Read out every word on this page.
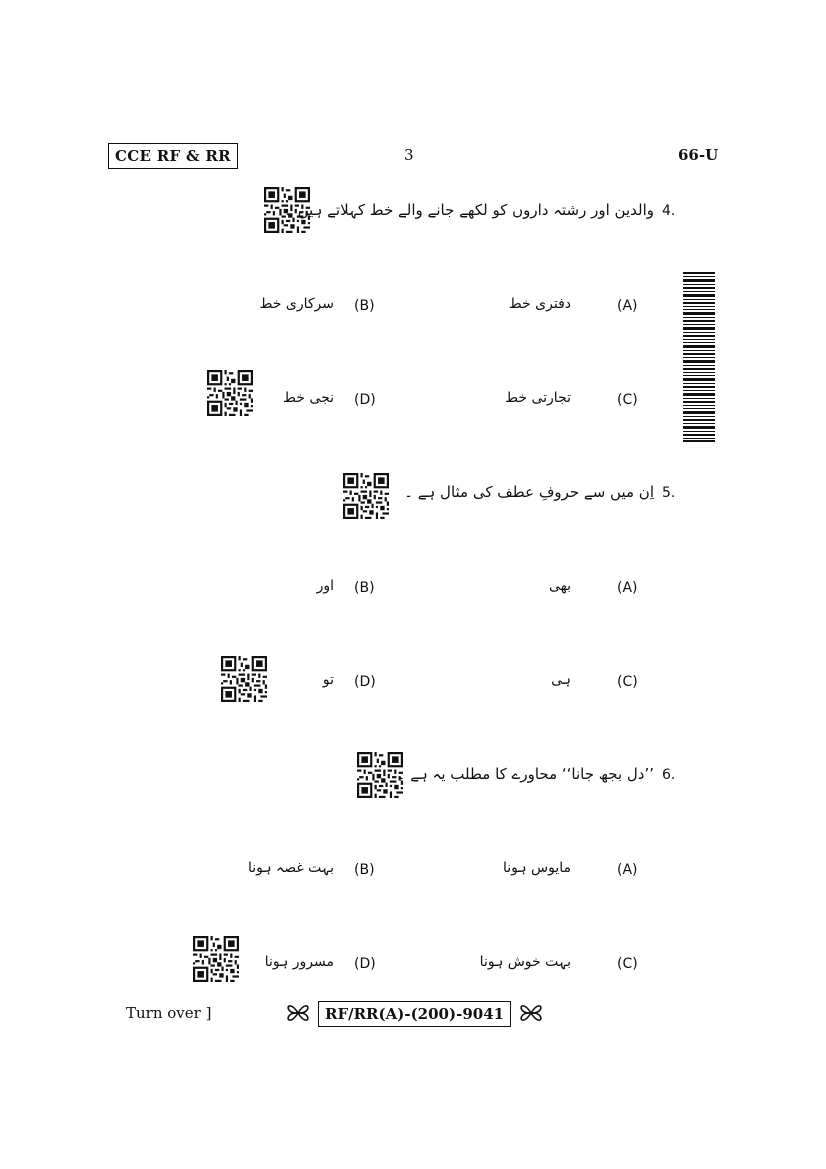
CCE RF & RR	3	66-U
والدین اور رشتہ داروں کو لکھے جانے والے خط کہلاتے ہیں ۔ 4.
دفتری خط	(A)
سرکاری خط (B)
تجارتی خط	(C)
نجی خط (D)
اِن میں سے حروفِ عطف کی مثال ہے ۔ 5.
بھی	(A)
اور (B)
ہی	(C)
تو (D)
’’دل بجھ جانا‘‘ محاورے کا مطلب یہ ہے ۔ 6.
مایوس ہونا	(A)
بہت غصہ ہونا (B)
بہت خوش ہونا	(C)
مسرور ہونا (D)
Turn over ]	RF/RR(A)-(200)-9041
